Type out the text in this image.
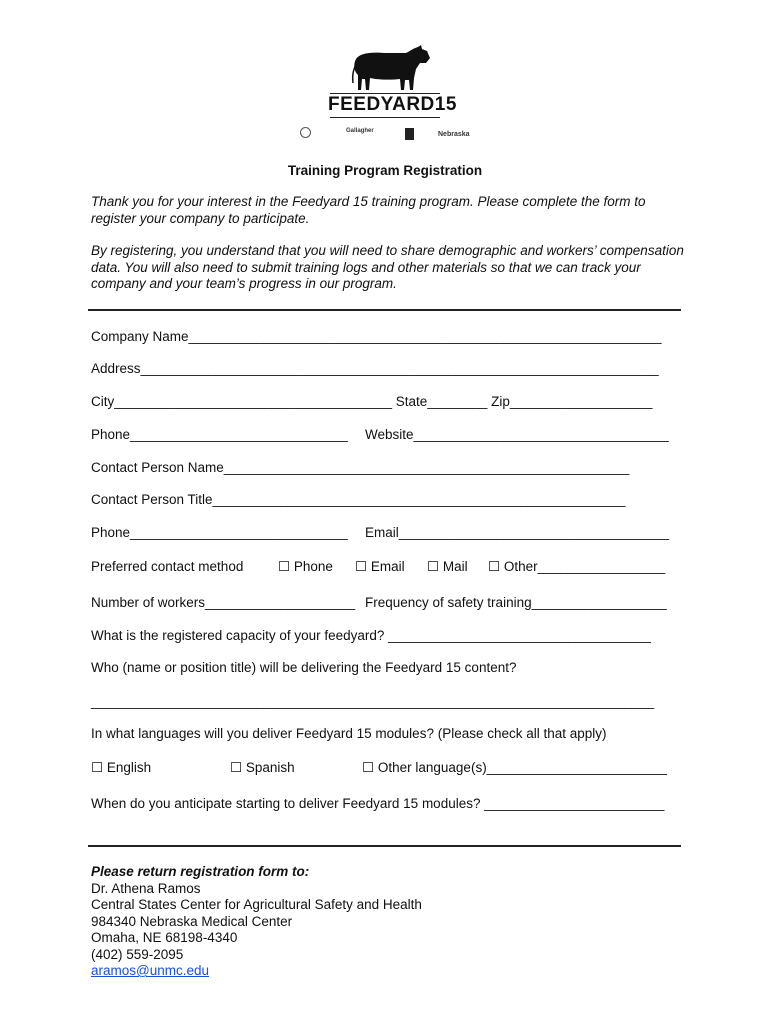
FEEDYARD15
Gallagher	Nebraska
Training Program Registration
Thank you for your interest in the Feedyard 15 training program. Please complete the form to register your company to participate.
By registering, you understand that you will need to share demographic and workers’ compensation data. You will also need to submit training logs and other materials so that we can track your company and your team’s progress in our program.
Company Name_______________________________________________________________
Address_____________________________________________________________________
City_____________________________________ State________ Zip___________________
Phone_____________________________ Website__________________________________
Contact Person Name______________________________________________________
Contact Person Title_______________________________________________________
Phone_____________________________ Email____________________________________
Preferred contact method	☐ Phone ☐ Email ☐ Mail ☐ Other_________________
Number of workers____________________ Frequency of safety training__________________
What is the registered capacity of your feedyard? ___________________________________
Who (name or position title) will be delivering the Feedyard 15 content?
___________________________________________________________________________
In what languages will you deliver Feedyard 15 modules? (Please check all that apply)
☐ English	☐ Spanish	☐ Other language(s)________________________
When do you anticipate starting to deliver Feedyard 15 modules? ________________________
Please return registration form to:
Dr. Athena Ramos
Central States Center for Agricultural Safety and Health
984340 Nebraska Medical Center
Omaha, NE 68198-4340
(402) 559-2095
aramos@unmc.edu
